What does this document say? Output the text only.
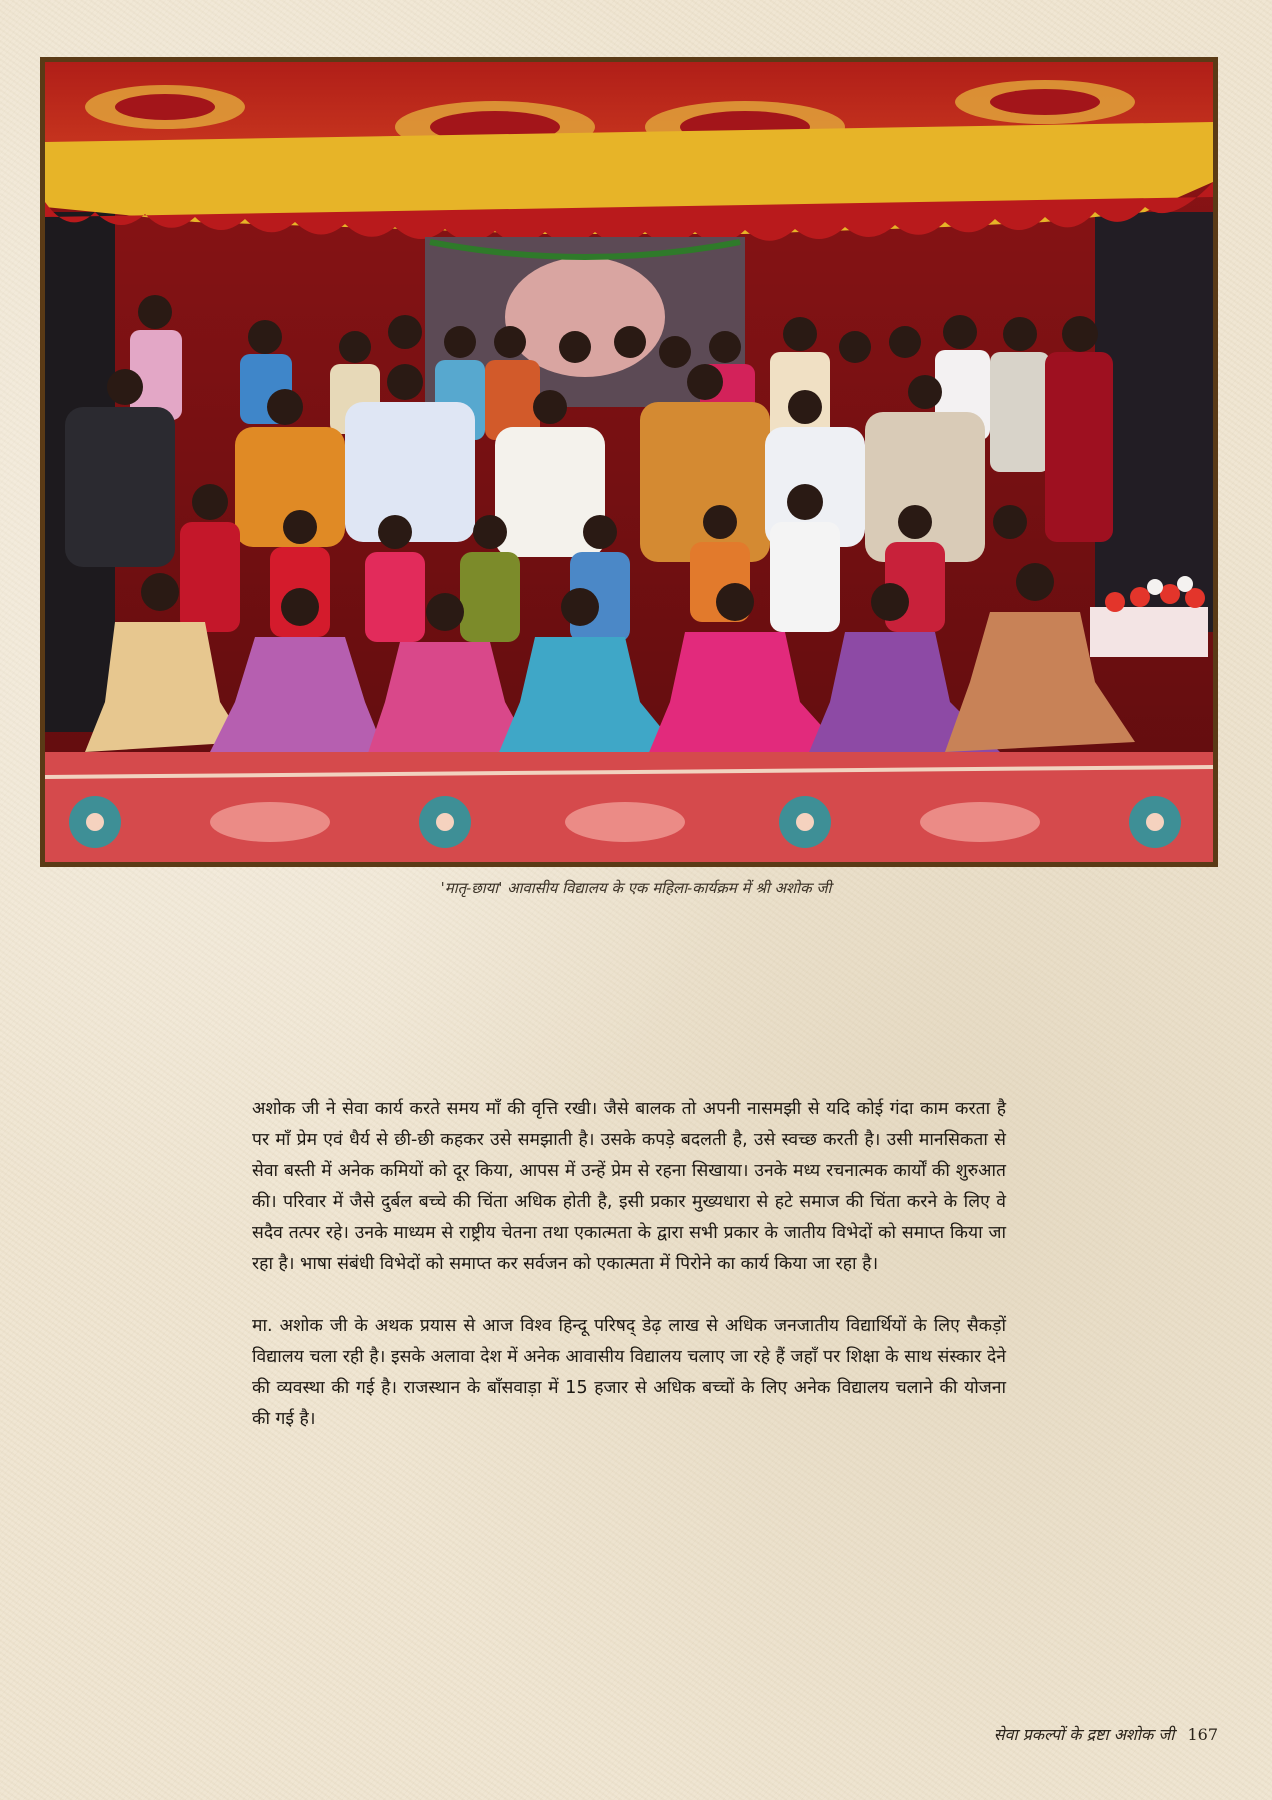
'मातृ-छाया' आवासीय विद्यालय के एक महिला-कार्यक्रम में श्री अशोक जी

अशोक जी ने सेवा कार्य करते समय माँ की वृत्ति रखी। जैसे बालक तो अपनी नासमझी से यदि कोई गंदा काम करता है पर माँ प्रेम एवं धैर्य से छी-छी कहकर उसे समझाती है। उसके कपड़े बदलती है, उसे स्वच्छ करती है। उसी मानसिकता से सेवा बस्ती में अनेक कमियों को दूर किया, आपस में उन्हें प्रेम से रहना सिखाया। उनके मध्य रचनात्मक कार्यों की शुरुआत की। परिवार में जैसे दुर्बल बच्चे की चिंता अधिक होती है, इसी प्रकार मुख्यधारा से हटे समाज की चिंता करने के लिए वे सदैव तत्पर रहे। उनके माध्यम से राष्ट्रीय चेतना तथा एकात्मता के द्वारा सभी प्रकार के जातीय विभेदों को समाप्त किया जा रहा है। भाषा संबंधी विभेदों को समाप्त कर सर्वजन को एकात्मता में पिरोने का कार्य किया जा रहा है।

मा. अशोक जी के अथक प्रयास से आज विश्व हिन्दू परिषद् डेढ़ लाख से अधिक जनजातीय विद्यार्थियों के लिए सैकड़ों विद्यालय चला रही है। इसके अलावा देश में अनेक आवासीय विद्यालय चलाए जा रहे हैं जहाँ पर शिक्षा के साथ संस्कार देने की व्यवस्था की गई है। राजस्थान के बाँसवाड़ा में 15 हजार से अधिक बच्चों के लिए अनेक विद्यालय चलाने की योजना की गई है।

सेवा प्रकल्पों के द्रष्टा अशोक जी 167
